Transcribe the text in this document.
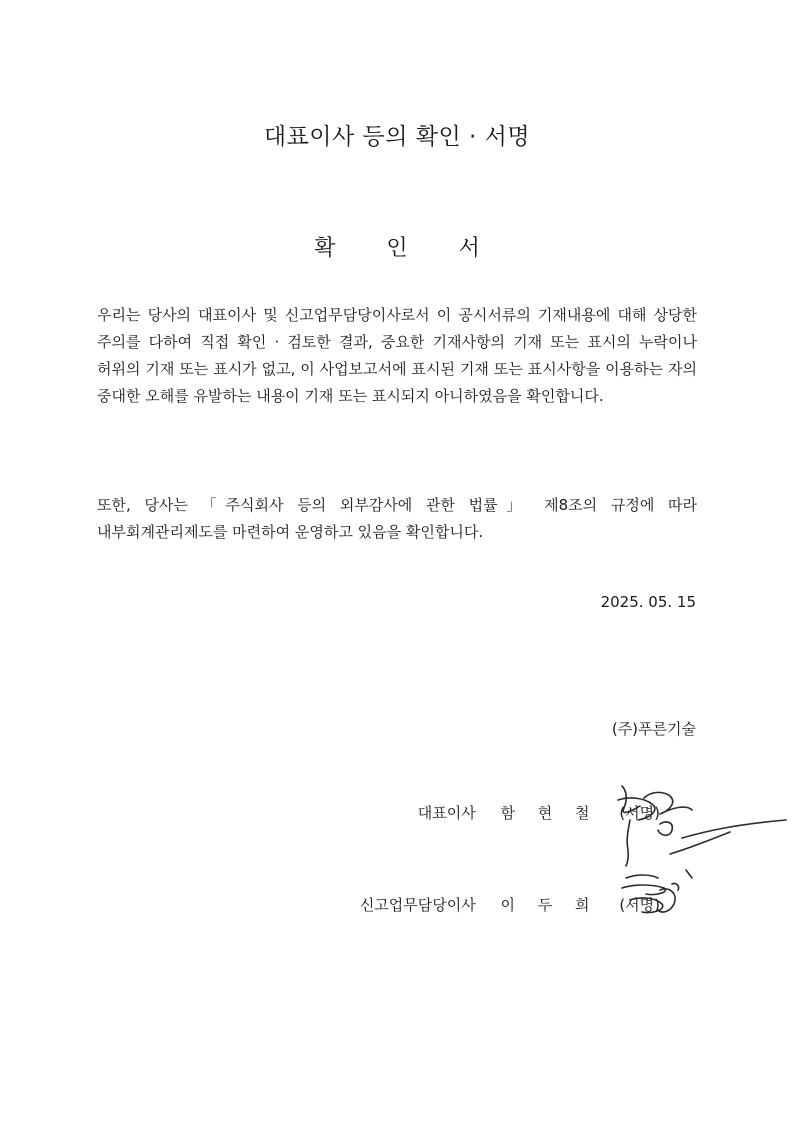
대표이사 등의 확인 · 서명
확 인 서
우리는 당사의 대표이사 및 신고업무담당이사로서 이 공시서류의 기재내용에 대해 상당한 주의를 다하여 직접 확인 · 검토한 결과, 중요한 기재사항의 기재 또는 표시의 누락이나 허위의 기재 또는 표시가 없고, 이 사업보고서에 표시된 기재 또는 표시사항을 이용하는 자의 중대한 오해를 유발하는 내용이 기재 또는 표시되지 아니하였음을 확인합니다.
또한, 당사는 「주식회사 등의 외부감사에 관한 법률」 제8조의 규정에 따라 내부회계관리제도를 마련하여 운영하고 있음을 확인합니다.
2025. 05. 15
(주)푸른기술
대표이사 함 현 철 (서명)
신고업무담당이사 이 두 희 (서명)
